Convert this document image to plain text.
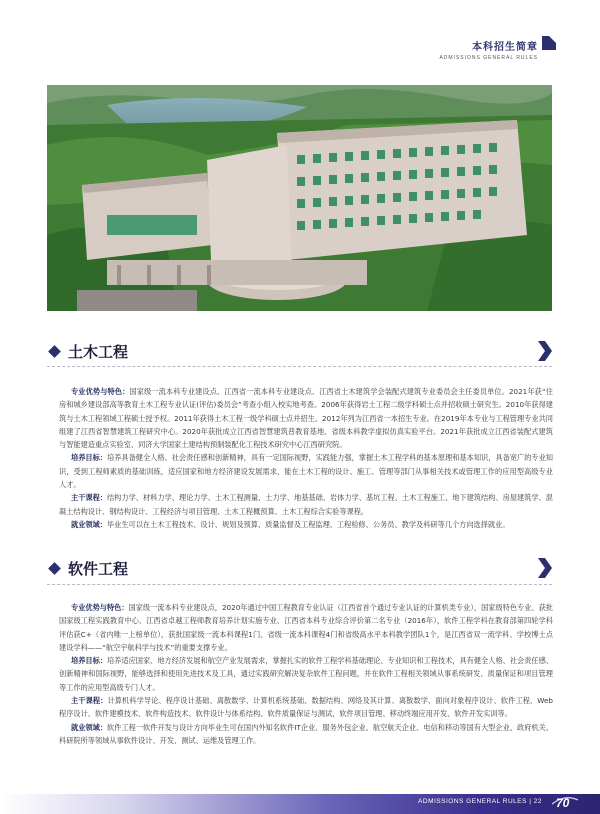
本科招生简章
ADMISSIONS GENERAL RULES
土木工程

专业优势与特色：国家级一流本科专业建设点、江西省一流本科专业建设点、江西省土木建筑学会装配式建筑专业委员会主任委员单位。2021年获“住房和城乡建设部高等教育土木工程专业认证(评估)委员会”考查小组入校实地考查。2006年获得岩土工程二级学科硕士点并招收硕士研究生。2010年获得建筑与土木工程领域工程硕士授予权。2011年获得土木工程一级学科硕士点并招生。2012年列为江西省一本招生专业。在2019年本专业与工程管理专业共同组建了江西省智慧建筑工程研究中心。2020年获批成立江西省智慧建筑普教育基地、省级本科教学虚拟仿真实验平台。2021年获批成立江西省装配式建筑与智能建造重点实验室、同济大学国家土建结构预制装配化工程技术研究中心江西研究院。

培养目标：培养具备健全人格、社会责任感和创新精神，具有一定国际视野，实践能力强，掌握土木工程学科的基本原理和基本知识，具备宽广的专业知识，受到工程师素质的基础训练，适应国家和地方经济建设发展需求，能在土木工程的设计、施工、管理等部门从事相关技术或管理工作的应用型高级专业人才。

主干课程：结构力学、材料力学、理论力学、土木工程测量、土力学、地基基础、岩体力学、基坑工程、土木工程施工、地下建筑结构、房屋建筑学、混凝土结构设计、钢结构设计、工程经济与项目管理、土木工程概预算、土木工程综合实验等课程。

就业领域：毕业生可以在土木工程技术、设计、规划及预算、质量监督及工程监理、工程检修、公务员、教学及科研等几个方向选择就业。

软件工程

专业优势与特色：国家级一流本科专业建设点，2020年通过中国工程教育专业认证（江西省首个通过专业认证的计算机类专业），国家级特色专业、获批国家级工程实践教育中心、江西省卓越工程师教育培养计划实施专业、江西省本科专业综合评价第二名专业（2016年），软件工程学科在教育部第四轮学科评估获C+（省内唯一上榜单位），获批国家级一流本科课程1门、省级一流本科课程4门和省级高水平本科教学团队1个，是江西省双一流学科、学校博士点建设学科——“航空宇航科学与技术”的重要支撑专业。

培养目标：培养适应国家、地方经济发展和航空产业发展需求，掌握扎实的软件工程学科基础理论、专业知识和工程技术，具有健全人格、社会责任感、创新精神和国际视野，能够选择和使用先进技术及工具，通过实践研究解决复杂软件工程问题，并在软件工程相关领域从事系统研发、质量保证和项目管理等工作的应用型高级专门人才。

主干课程：计算机科学导论、程序设计基础、离散数学、计算机系统基础、数据结构、网络及其计算、离散数学、面向对象程序设计、软件工程、Web程序设计、软件建模技术、软件构造技术、软件设计与体系结构、软件质量保证与测试，软件项目管理、移动终端应用开发、软件开发实训等。

就业领域：软件工程一软件开发与设计方向毕业生可在国内外知名软件IT企业、服务外包企业、航空航天企业、电信和移动等国有大型企业、政府机关、科研院所等领域从事软件设计、开发、测试、运维及管理工作。

ADMISSIONS GENERAL RULES | 22 70
